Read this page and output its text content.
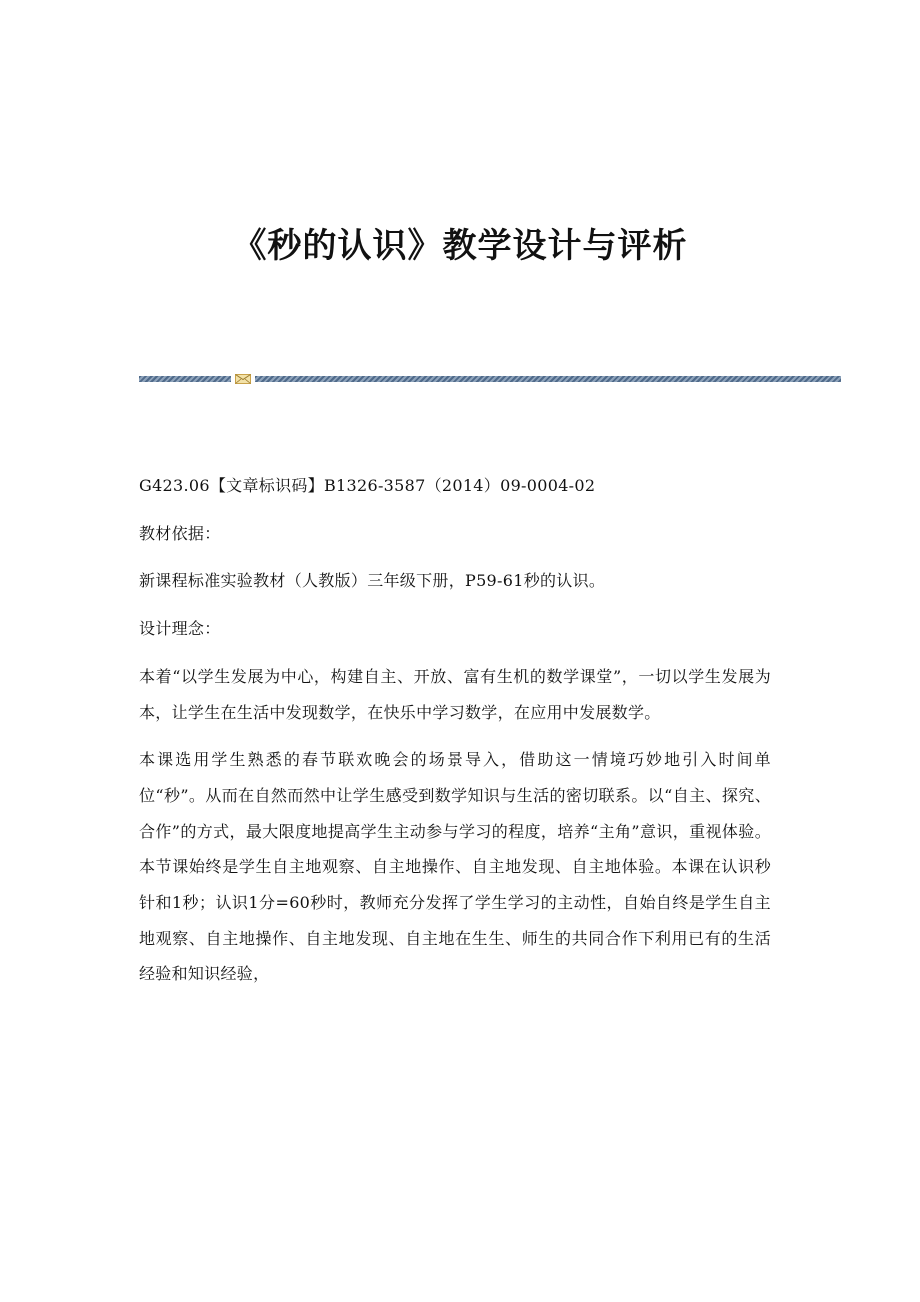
《秒的认识》教学设计与评析

G423.06【文章标识码】B1326-3587（2014）09-0004-02

教材依据：

新课程标准实验教材（人教版）三年级下册，P59-61秒的认识。

设计理念：

本着“以学生发展为中心，构建自主、开放、富有生机的数学课堂”，一切以学生发展为本，让学生在生活中发现数学，在快乐中学习数学，在应用中发展数学。

本课选用学生熟悉的春节联欢晚会的场景导入，借助这一情境巧妙地引入时间单位“秒”。从而在自然而然中让学生感受到数学知识与生活的密切联系。以“自主、探究、合作”的方式，最大限度地提高学生主动参与学习的程度，培养“主角”意识，重视体验。本节课始终是学生自主地观察、自主地操作、自主地发现、自主地体验。本课在认识秒针和1秒；认识1分=60秒时，教师充分发挥了学生学习的主动性，自始自终是学生自主地观察、自主地操作、自主地发现、自主地在生生、师生的共同合作下利用已有的生活经验和知识经验，
